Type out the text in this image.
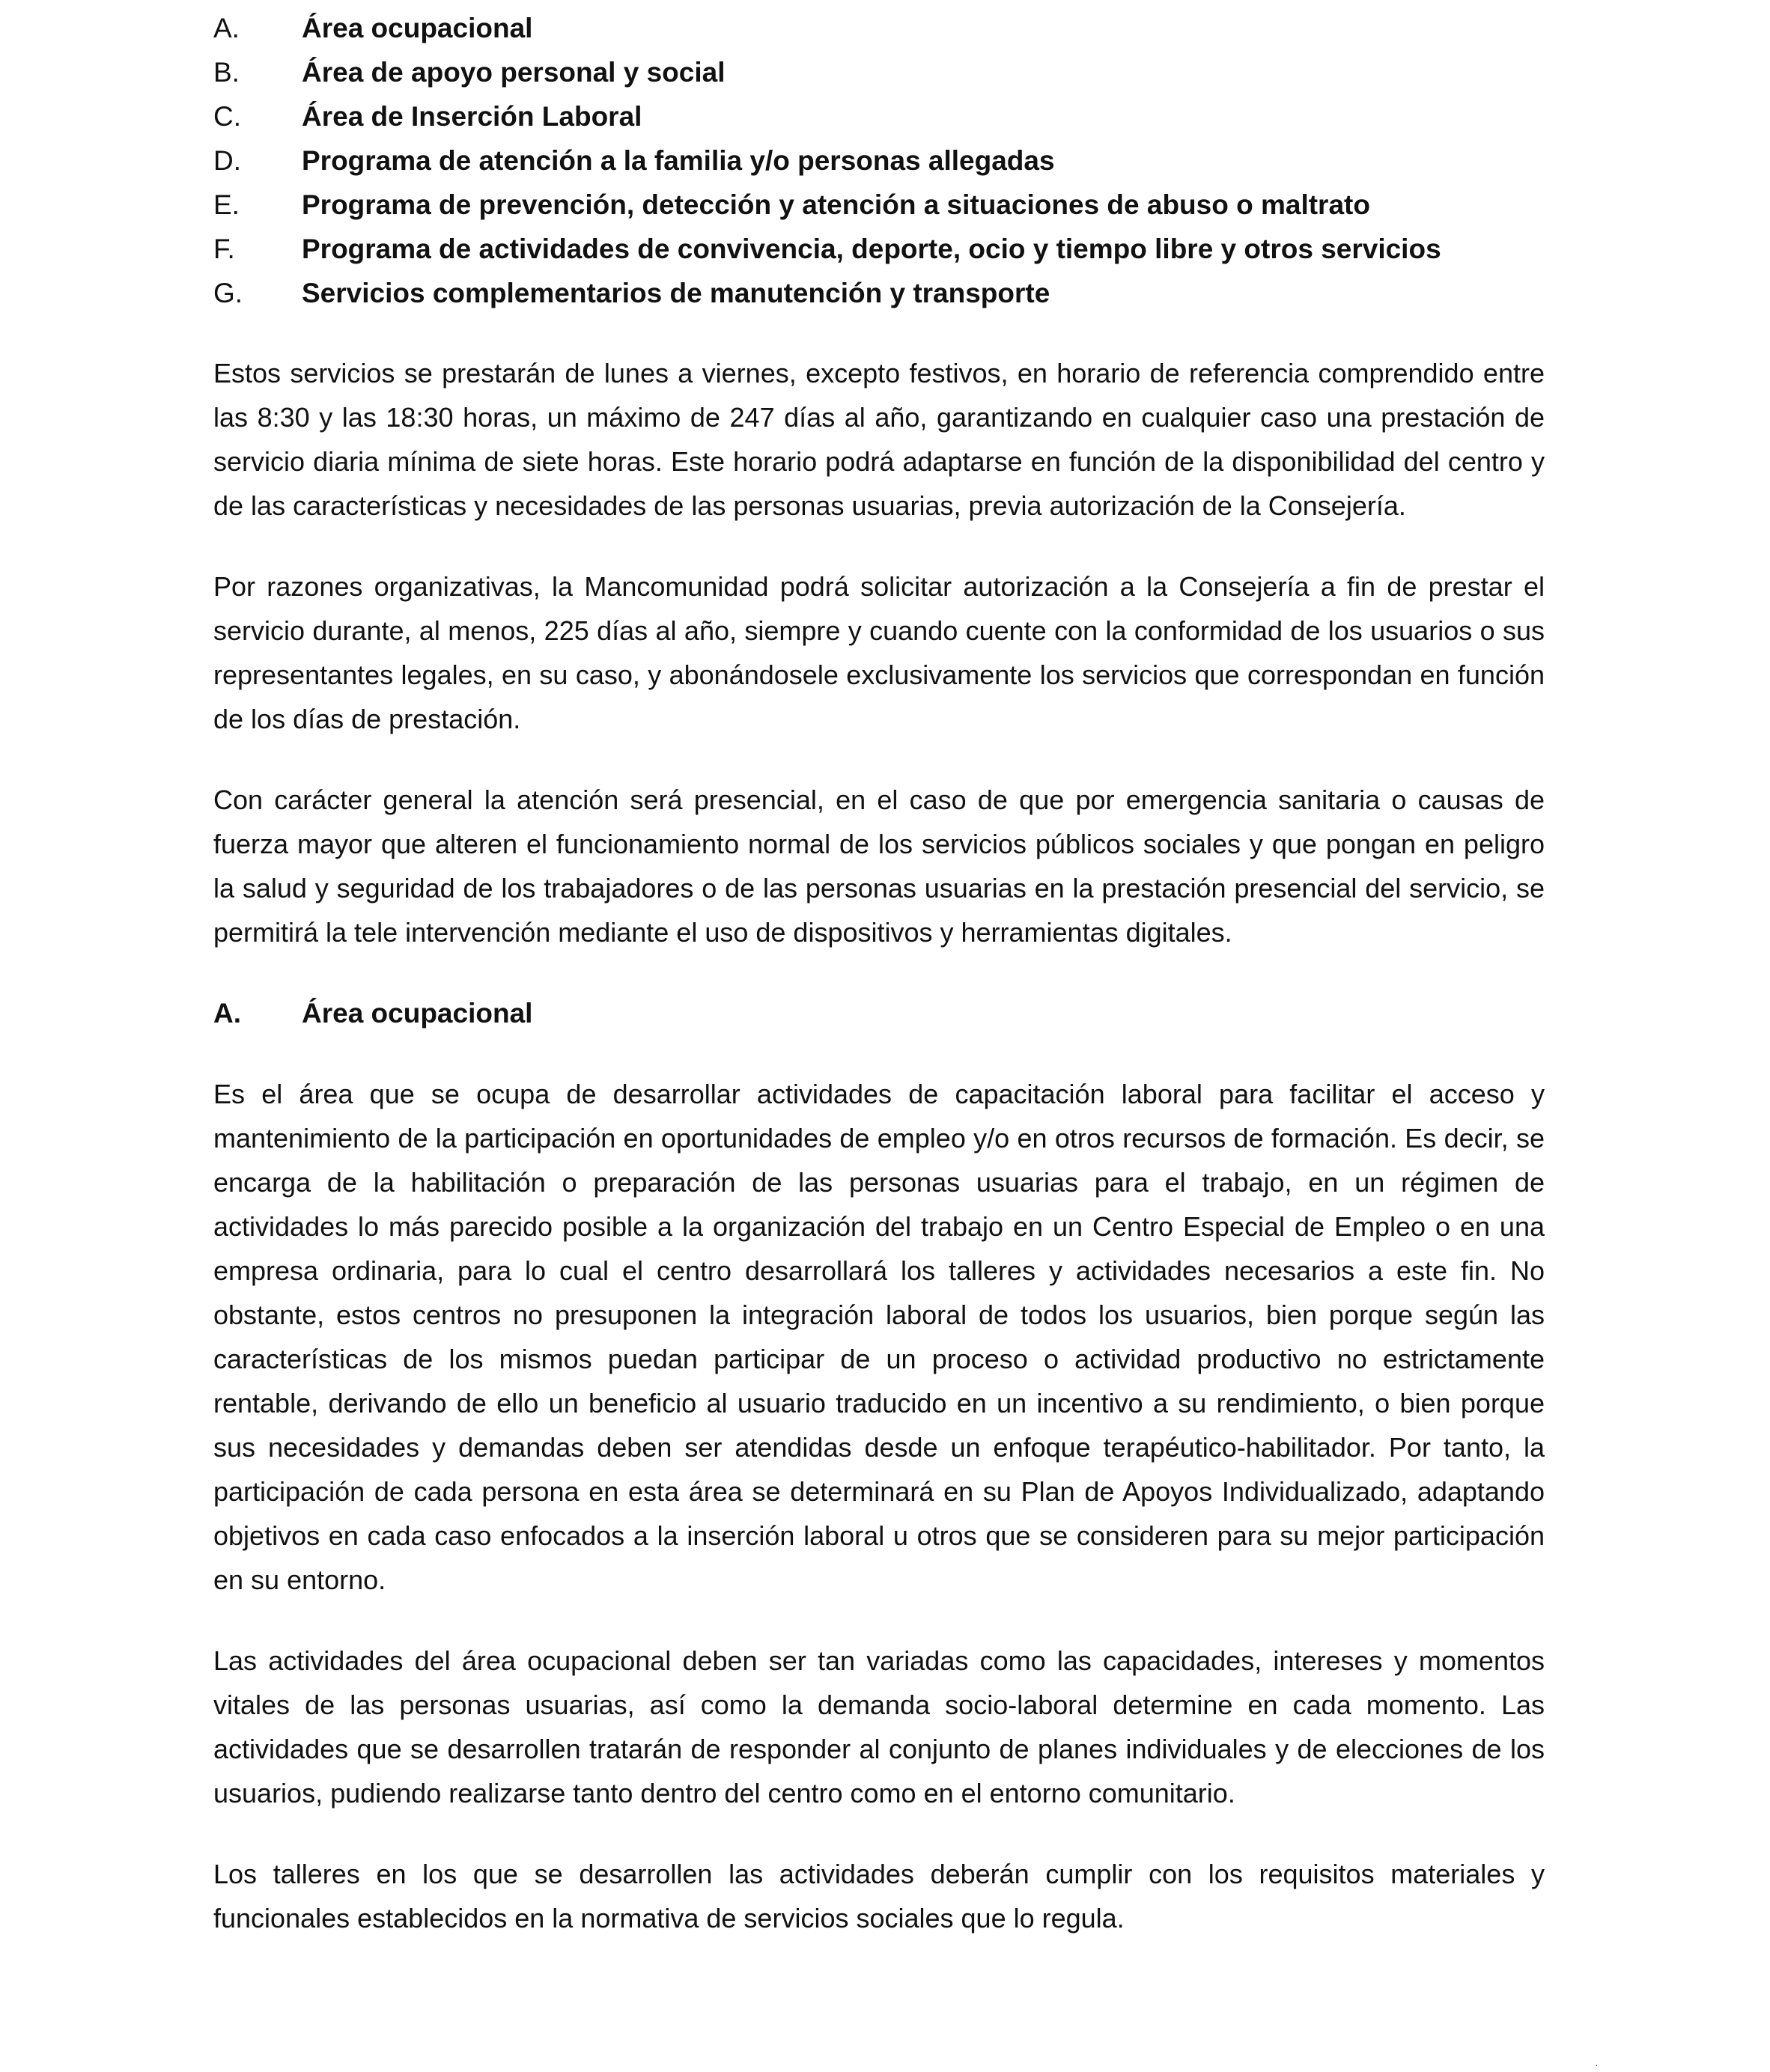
A.	Área ocupacional
B.	Área de apoyo personal y social
C.	Área de Inserción Laboral
D.	Programa de atención a la familia y/o personas allegadas
E.	Programa de prevención, detección y atención a situaciones de abuso o maltrato
F.	Programa de actividades de convivencia, deporte, ocio y tiempo libre y otros servicios
G.	Servicios complementarios de manutención y transporte

Estos servicios se prestarán de lunes a viernes, excepto festivos, en horario de referencia comprendido entre las 8:30 y las 18:30 horas, un máximo de 247 días al año, garantizando en cualquier caso una prestación de servicio diaria mínima de siete horas. Este horario podrá adaptarse en función de la disponibilidad del centro y de las características y necesidades de las personas usuarias, previa autorización de la Consejería.

Por razones organizativas, la Mancomunidad podrá solicitar autorización a la Consejería a fin de prestar el servicio durante, al menos, 225 días al año, siempre y cuando cuente con la conformidad de los usuarios o sus representantes legales, en su caso, y abonándosele exclusivamente los servicios que correspondan en función de los días de prestación.

Con carácter general la atención será presencial, en el caso de que por emergencia sanitaria o causas de fuerza mayor que alteren el funcionamiento normal de los servicios públicos sociales y que pongan en peligro la salud y seguridad de los trabajadores o de las personas usuarias en la prestación presencial del servicio, se permitirá la tele intervención mediante el uso de dispositivos y herramientas digitales.

A.	Área ocupacional

Es el área que se ocupa de desarrollar actividades de capacitación laboral para facilitar el acceso y mantenimiento de la participación en oportunidades de empleo y/o en otros recursos de formación. Es decir, se encarga de la habilitación o preparación de las personas usuarias para el trabajo, en un régimen de actividades lo más parecido posible a la organización del trabajo en un Centro Especial de Empleo o en una empresa ordinaria, para lo cual el centro desarrollará los talleres y actividades necesarios a este fin. No obstante, estos centros no presuponen la integración laboral de todos los usuarios, bien porque según las características de los mismos puedan participar de un proceso o actividad productivo no estrictamente rentable, derivando de ello un beneficio al usuario traducido en un incentivo a su rendimiento, o bien porque sus necesidades y demandas deben ser atendidas desde un enfoque terapéutico-habilitador. Por tanto, la participación de cada persona en esta área se determinará en su Plan de Apoyos Individualizado, adaptando objetivos en cada caso enfocados a la inserción laboral u otros que se consideren para su mejor participación en su entorno.

Las actividades del área ocupacional deben ser tan variadas como las capacidades, intereses y momentos vitales de las personas usuarias, así como la demanda socio-laboral determine en cada momento. Las actividades que se desarrollen tratarán de responder al conjunto de planes individuales y de elecciones de los usuarios, pudiendo realizarse tanto dentro del centro como en el entorno comunitario.

Los talleres en los que se desarrollen las actividades deberán cumplir con los requisitos materiales y funcionales establecidos en la normativa de servicios sociales que lo regula.

·
